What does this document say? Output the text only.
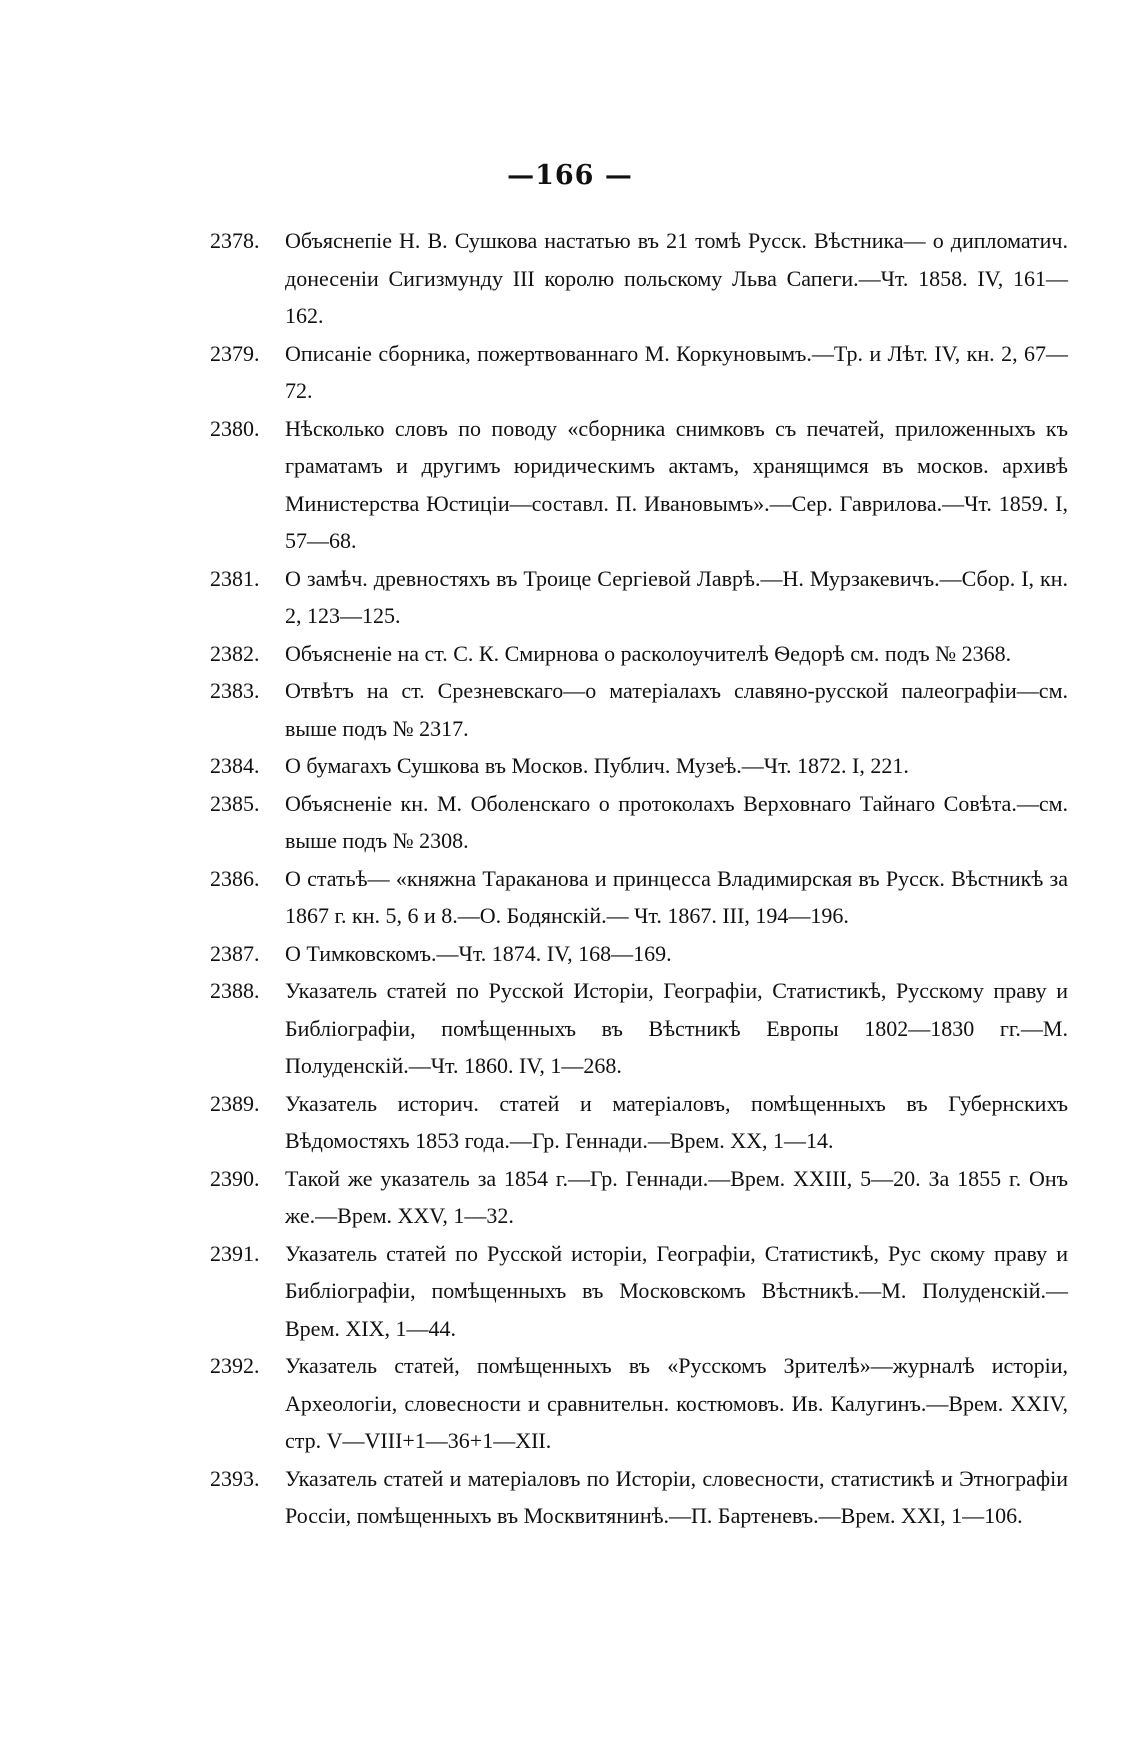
—166 —
2378.	Объяснепіе Н. В. Сушкова настатью въ 21 томѣ Русск. Вѣстника— о дипломатич. донесеніи Сигизмунду III королю польскому Льва Сапеги.—Чт. 1858. IV, 161—162.
2379.	Описаніе сборника, пожертвованнаго М. Коркуновымъ.—Тр. и Лѣт. IV, кн. 2, 67—72.
2380.	Нѣсколько словъ по поводу «сборника снимковъ съ печатей, приложенныхъ къ граматамъ и другимъ юридическимъ актамъ, хранящимся въ москов. архивѣ Министерства Юстиціи—составл. П. Ивановымъ».—Сер. Гаврилова.—Чт. 1859. I, 57—68.
2381.	О замѣч. древностяхъ въ Троице Сергіевой Лаврѣ.—Н. Мурзакевичъ.—Сбор. I, кн. 2, 123—125.
2382.	Объясненіе на ст. С. К. Смирнова о расколоучителѣ Ѳедорѣ см. подъ № 2368.
2383.	Отвѣтъ на ст. Срезневскаго—о матеріалахъ славяно-русской палеографіи—см. выше подъ № 2317.
2384.	О бумагахъ Сушкова въ Москов. Публич. Музеѣ.—Чт. 1872. I, 221.
2385.	Объясненіе кн. М. Оболенскаго о протоколахъ Верховнаго Тайнаго Совѣта.—см. выше подъ № 2308.
2386.	О статьѣ— «княжна Тараканова и принцесса Владимирская въ Русск. Вѣстникѣ за 1867 г. кн. 5, 6 и 8.—О. Бодянскій.— Чт. 1867. III, 194—196.
2387.	О Тимковскомъ.—Чт. 1874. IV, 168—169.
2388.	Указатель статей по Русской Исторіи, Географіи, Статистикѣ, Русскому праву и Библіографіи, помѣщенныхъ въ Вѣстникѣ Европы 1802—1830 гг.—М. Полуденскій.—Чт. 1860. IV, 1—268.
2389.	Указатель историч. статей и матеріаловъ, помѣщенныхъ въ Губернскихъ Вѣдомостяхъ 1853 года.—Гр. Геннади.—Врем. XX, 1—14.
2390.	Такой же указатель за 1854 г.—Гр. Геннади.—Врем. XXIII, 5—20. За 1855 г. Онъ же.—Врем. XXV, 1—32.
2391.	Указатель статей по Русской исторіи, Географіи, Статистикѣ, Рус скому праву и Библіографіи, помѣщенныхъ въ Московскомъ Вѣстникѣ.—М. Полуденскій.—Врем. XIX, 1—44.
2392.	Указатель статей, помѣщенныхъ въ «Русскомъ Зрителѣ»—журналѣ исторіи, Археологіи, словесности и сравнительн. костюмовъ. Ив. Калугинъ.—Врем. XXIV, стр. V—VIII+1—36+1—XII.
2393.	Указатель статей и матеріаловъ по Исторіи, словесности, статистикѣ и Этнографіи Россіи, помѣщенныхъ въ Москвитянинѣ.—П. Бартеневъ.—Врем. XXI, 1—106.
